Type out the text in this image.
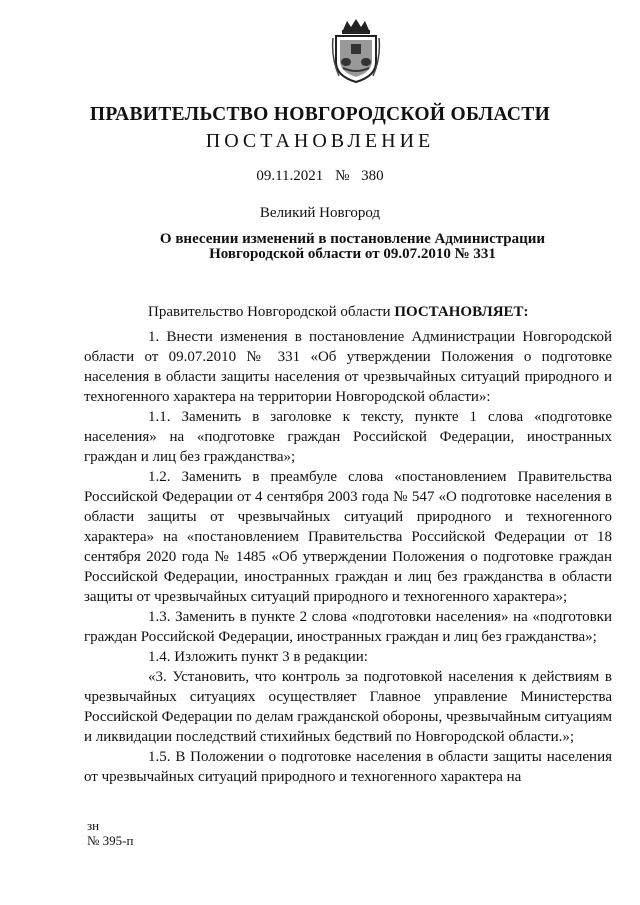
ПРАВИТЕЛЬСТВО НОВГОРОДСКОЙ ОБЛАСТИ
ПОСТАНОВЛЕНИЕ
09.11.2021 № 380
Великий Новгород
О внесении изменений в постановление Администрации
Новгородской области от 09.07.2010 № 331
Правительство Новгородской области ПОСТАНОВЛЯЕТ:

1. Внести изменения в постановление Администрации Новгородской области от 09.07.2010 № 331 «Об утверждении Положения о подготовке населения в области защиты населения от чрезвычайных ситуаций природного и техногенного характера на территории Новгородской области»:

1.1. Заменить в заголовке к тексту, пункте 1 слова «подготовке населения» на «подготовке граждан Российской Федерации, иностранных граждан и лиц без гражданства»;

1.2. Заменить в преамбуле слова «постановлением Правительства Российской Федерации от 4 сентября 2003 года № 547 «О подготовке населения в области защиты от чрезвычайных ситуаций природного и техногенного характера» на «постановлением Правительства Российской Федерации от 18 сентября 2020 года № 1485 «Об утверждении Положения о подготовке граждан Российской Федерации, иностранных граждан и лиц без гражданства в области защиты от чрезвычайных ситуаций природного и техногенного характера»;

1.3. Заменить в пункте 2 слова «подготовки населения» на «подготовки граждан Российской Федерации, иностранных граждан и лиц без гражданства»;

1.4. Изложить пункт 3 в редакции:

«3. Установить, что контроль за подготовкой населения к действиям в чрезвычайных ситуациях осуществляет Главное управление Министерства Российской Федерации по делам гражданской обороны, чрезвычайным ситуациям и ликвидации последствий стихийных бедствий по Новгородской области.»;

1.5. В Положении о подготовке населения в области защиты населения от чрезвычайных ситуаций природного и техногенного характера на

зн
№ 395-п
